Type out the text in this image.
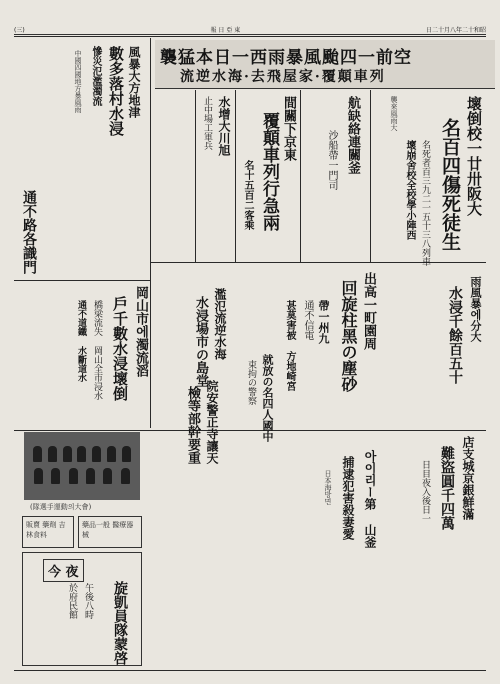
(三)	報 日 亞 東	日二十月八年二十和昭
襲猛本日一西雨暴風颱四一前空
流逆水海·去飛屋家·覆顛車列
壞倒校一廿卅阪大
名百四傷死徒生
名死者百三九二一五十三八列車
壞崩舍校全校學小陣西
襲來風雨大
航缺絡連關釜
沙船帶一門司
間關下京東
覆顛車列行急兩
名十五百二客乘
水增大川旭
止中場工軍兵
風暴大方地津
數多落村水浸
慘災氾濫濁流
中國四國地方暴風雨
通不路各識門
岡山市에濁流滔
戶千數水浸壞倒
橋梁流失 岡山全市浸水
通不道鐵 水斷道水
(隊選手運動의大會)
販賣 藥劑 吉林食料
藥品一般 醫療器械
今 夜
旋凱員隊蒙啓
午後八時
於府民館
出高一町園周
回旋柱黑の塵砂	雨風暴에分大
水浸千餘百五十
帶一州九
通不信電
甚莫害被 方地崎宮
濫氾流逆水海
水浸場市の島堂
就放の名四人國中
束拘の警察
院安警正寺讓天
檢等部幹要重
店支城京銀鮮滿
難盜圓千四萬
日目夜入後日一
아이리ー第 山釜
捕逮犯害殺妻愛
日本海방면
